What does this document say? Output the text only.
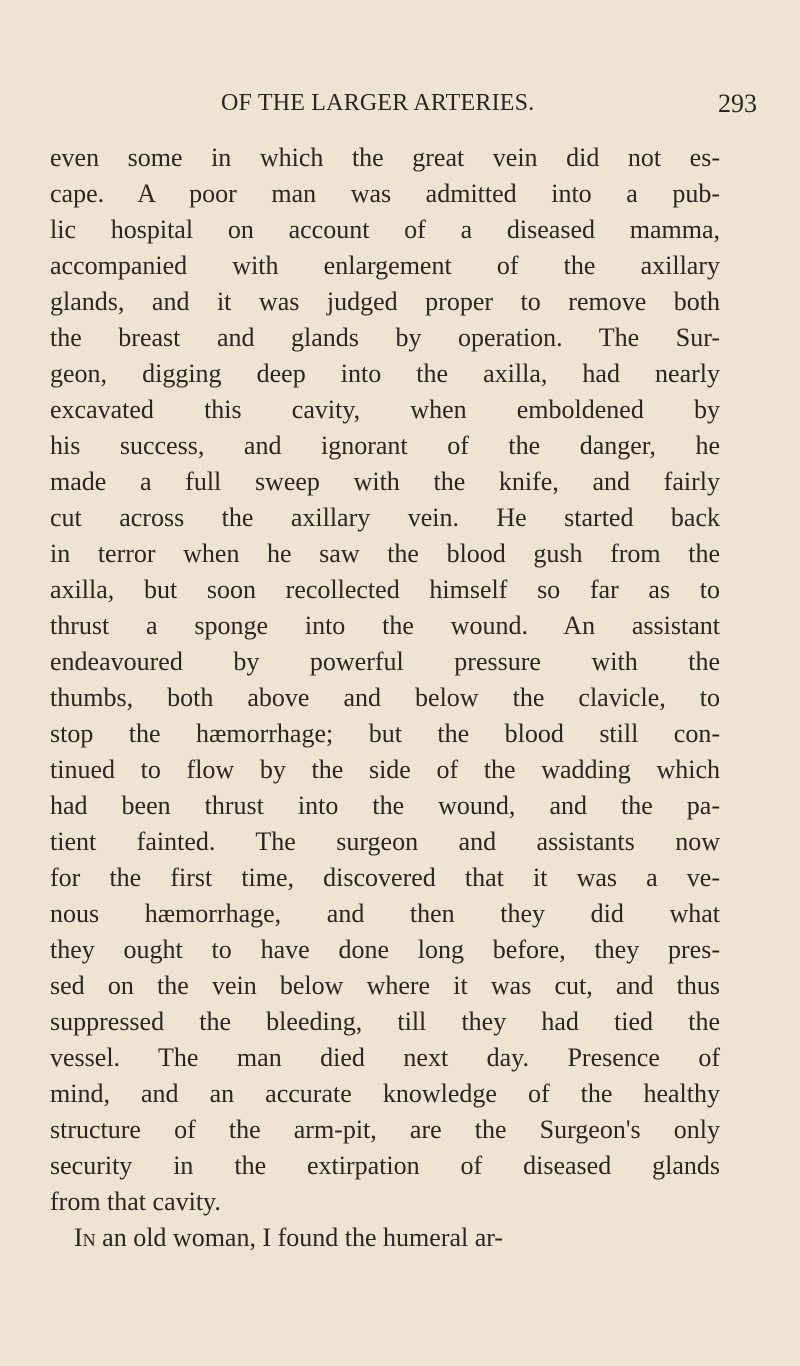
OF THE LARGER ARTERIES.	293
even some in which the great vein did not es-
cape. A poor man was admitted into a pub-
lic hospital on account of a diseased mamma,
accompanied with enlargement of the axillary
glands, and it was judged proper to remove both
the breast and glands by operation. The Sur-
geon, digging deep into the axilla, had nearly
excavated this cavity, when emboldened by
his success, and ignorant of the danger, he
made a full sweep with the knife, and fairly
cut across the axillary vein. He started back
in terror when he saw the blood gush from the
axilla, but soon recollected himself so far as to
thrust a sponge into the wound. An assistant
endeavoured by powerful pressure with the
thumbs, both above and below the clavicle, to
stop the hæmorrhage; but the blood still con-
tinued to flow by the side of the wadding which
had been thrust into the wound, and the pa-
tient fainted. The surgeon and assistants now
for the first time, discovered that it was a ve-
nous hæmorrhage, and then they did what
they ought to have done long before, they pres-
sed on the vein below where it was cut, and thus
suppressed the bleeding, till they had tied the
vessel. The man died next day. Presence of
mind, and an accurate knowledge of the healthy
structure of the arm-pit, are the Surgeon's only
security in the extirpation of diseased glands
from that cavity.
In an old woman, I found the humeral ar-
